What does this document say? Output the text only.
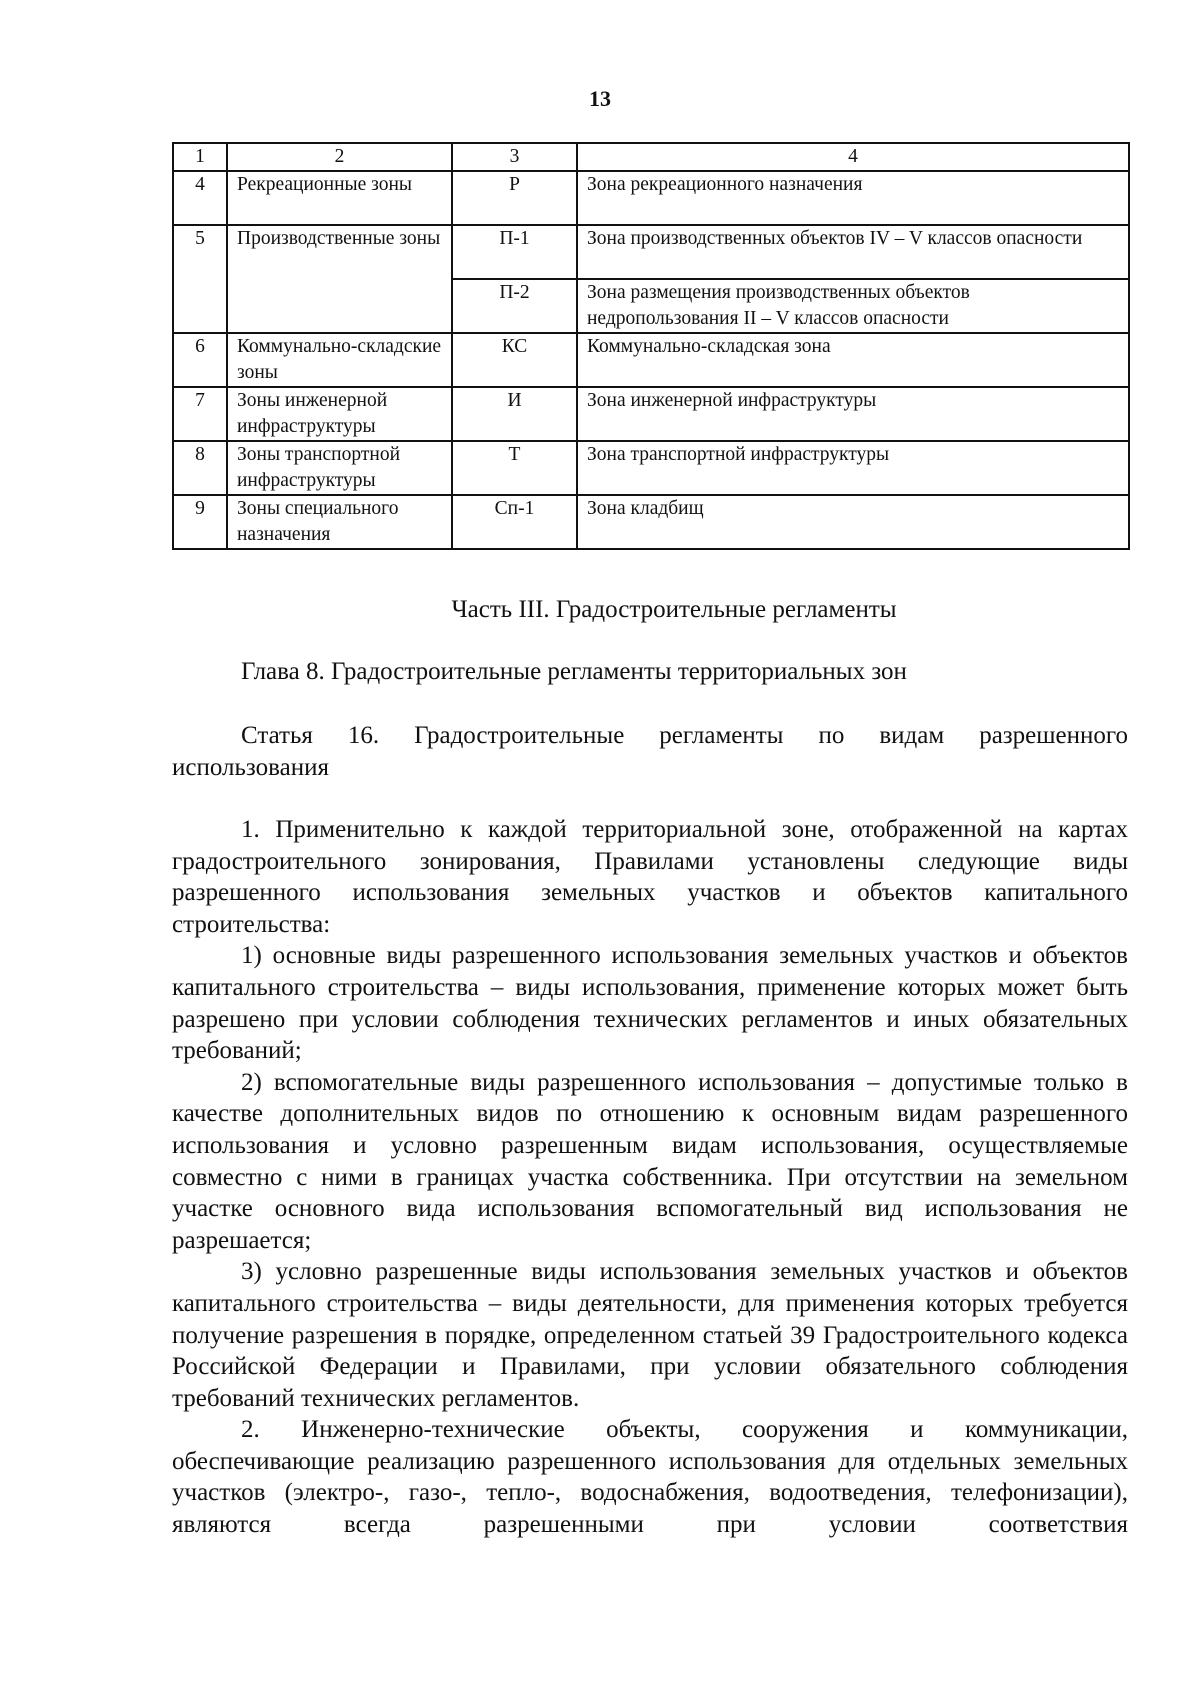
13
1	2	3	4
4	Рекреационные зоны	Р	Зона рекреационного назначения
5	Производственные зоны	П-1	Зона производственных объектов IV – V классов опасности
		П-2	Зона размещения производственных объектов недропользования II – V классов опасности
6	Коммунально-складские зоны	КС	Коммунально-складская зона
7	Зоны инженерной инфраструктуры	И	Зона инженерной инфраструктуры
8	Зоны транспортной инфраструктуры	Т	Зона транспортной инфраструктуры
9	Зоны специального назначения	Сп-1	Зона кладбищ
Часть III. Градостроительные регламенты
Глава 8. Градостроительные регламенты территориальных зон
Статья 16. Градостроительные регламенты по видам разрешенного
использования

1. Применительно к каждой территориальной зоне, отображенной на картах градостроительного зонирования, Правилами установлены следующие виды разрешенного использования земельных участков и объектов капитального строительства:

1) основные виды разрешенного использования земельных участков и объектов капитального строительства – виды использования, применение которых может быть разрешено при условии соблюдения технических регламентов и иных обязательных требований;

2) вспомогательные виды разрешенного использования – допустимые только в качестве дополнительных видов по отношению к основным видам разрешенного использования и условно разрешенным видам использования, осуществляемые совместно с ними в границах участка собственника. При отсутствии на земельном участке основного вида использования вспомогательный вид использования не разрешается;

3) условно разрешенные виды использования земельных участков и объектов капитального строительства – виды деятельности, для применения которых требуется получение разрешения в порядке, определенном статьей 39 Градостроительного кодекса Российской Федерации и Правилами, при условии обязательного соблюдения требований технических регламентов.

2. Инженерно-технические объекты, сооружения и коммуникации, обеспечивающие реализацию разрешенного использования для отдельных земельных участков (электро-, газо-, тепло-, водоснабжения, водоотведения, телефонизации), являются всегда разрешенными при условии соответствия
